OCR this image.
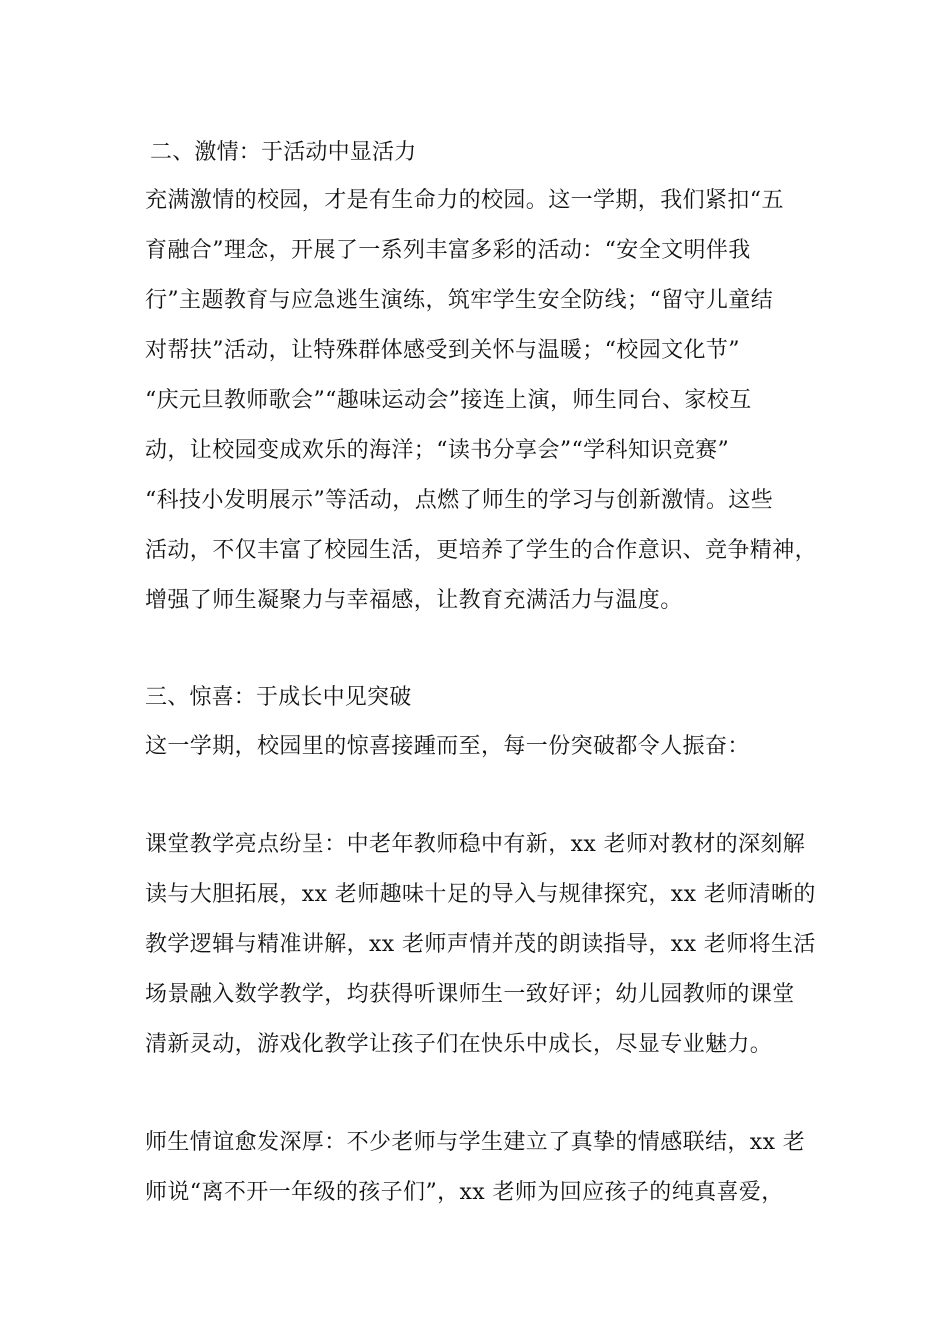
二、激情：于活动中显活力
充满激情的校园，才是有生命力的校园。这一学期，我们紧扣“五
育融合”理念，开展了一系列丰富多彩的活动：“安全文明伴我
行”主题教育与应急逃生演练，筑牢学生安全防线；“留守儿童结
对帮扶”活动，让特殊群体感受到关怀与温暖；“校园文化节”
“庆元旦教师歌会”“趣味运动会”接连上演，师生同台、家校互
动，让校园变成欢乐的海洋；“读书分享会”“学科知识竞赛”
“科技小发明展示”等活动，点燃了师生的学习与创新激情。这些
活动，不仅丰富了校园生活，更培养了学生的合作意识、竞争精神，
增强了师生凝聚力与幸福感，让教育充满活力与温度。
三、惊喜：于成长中见突破
这一学期，校园里的惊喜接踵而至，每一份突破都令人振奋：
课堂教学亮点纷呈：中老年教师稳中有新，xx 老师对教材的深刻解
读与大胆拓展，xx 老师趣味十足的导入与规律探究，xx 老师清晰的
教学逻辑与精准讲解，xx 老师声情并茂的朗读指导，xx 老师将生活
场景融入数学教学，均获得听课师生一致好评；幼儿园教师的课堂
清新灵动，游戏化教学让孩子们在快乐中成长，尽显专业魅力。
师生情谊愈发深厚：不少老师与学生建立了真挚的情感联结，xx 老
师说“离不开一年级的孩子们”，xx 老师为回应孩子的纯真喜爱，
